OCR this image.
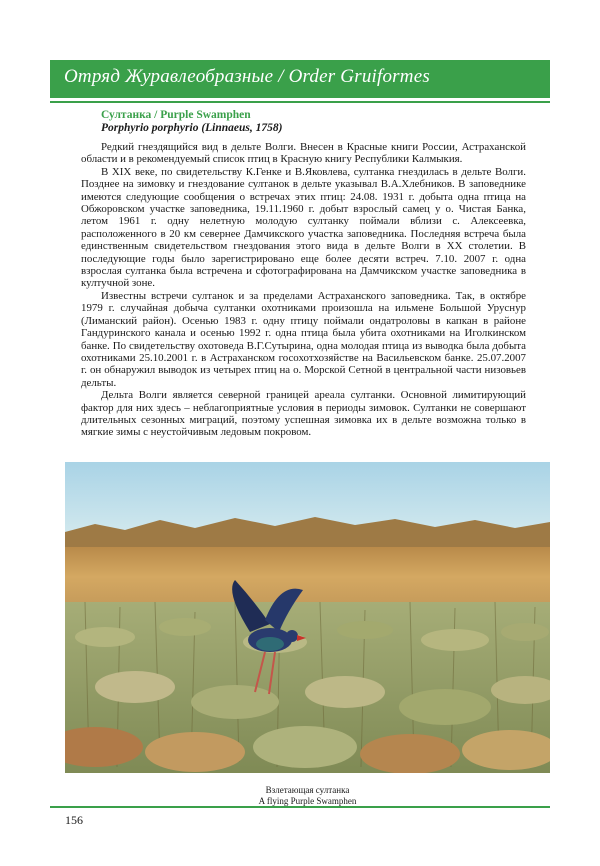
Отряд Журавлеобразные / Order Gruiformes
Султанка / Purple Swamphen
Porphyrio porphyrio (Linnaeus, 1758)

Редкий гнездящийся вид в дельте Волги. Внесен в Красные книги России, Астраханской области и в рекомендуемый список птиц в Красную книгу Республики Калмыкия.

В XIX веке, по свидетельству К.Генке и В.Яковлева, султанка гнездилась в дельте Волги. Позднее на зимовку и гнездование султанок в дельте указывал В.А.Хлебников. В заповеднике имеются следующие сообщения о встречах этих птиц: 24.08. 1931 г. добыта одна птица на Обжоровском участке заповедника, 19.11.1960 г. добыт взрослый самец у о. Чистая Банка, летом 1961 г. одну нелетную молодую султанку поймали вблизи с. Алексеевка, расположенного в 20 км севернее Дамчикского участка заповедника. Последняя встреча была единственным свидетельством гнездования этого вида в дельте Волги в XX столетии. В последующие годы было зарегистрировано еще более десяти встреч. 7.10. 2007 г. одна взрослая султанка была встречена и сфотографирована на Дамчикском участке заповедника в култучной зоне.

Известны встречи султанок и за пределами Астраханского заповедника. Так, в октябре 1979 г. случайная добыча султанки охотниками произошла на ильмене Большой Уруснур (Лиманский район). Осенью 1983 г. одну птицу поймали ондатроловы в капкан в районе Гандуринского канала и осенью 1992 г. одна птица была убита охотниками на Иголкинском банке. По свидетельству охотоведа В.Г.Сутырина, одна молодая птица из выводка была добыта охотниками 25.10.2001 г. в Астраханском госохотхозяйстве на Васильевском банке. 25.07.2007 г. он обнаружил выводок из четырех птиц на о. Морской Сетной в центральной части низовьев дельты.

Дельта Волги является северной границей ареала султанки. Основной лимитирующий фактор для них здесь – неблагоприятные условия в периоды зимовок. Султанки не совершают длительных сезонных миграций, поэтому успешная зимовка их в дельте возможна только в мягкие зимы с неустойчивым ледовым покровом.

Взлетающая султанка
A flying Purple Swamphen
156
